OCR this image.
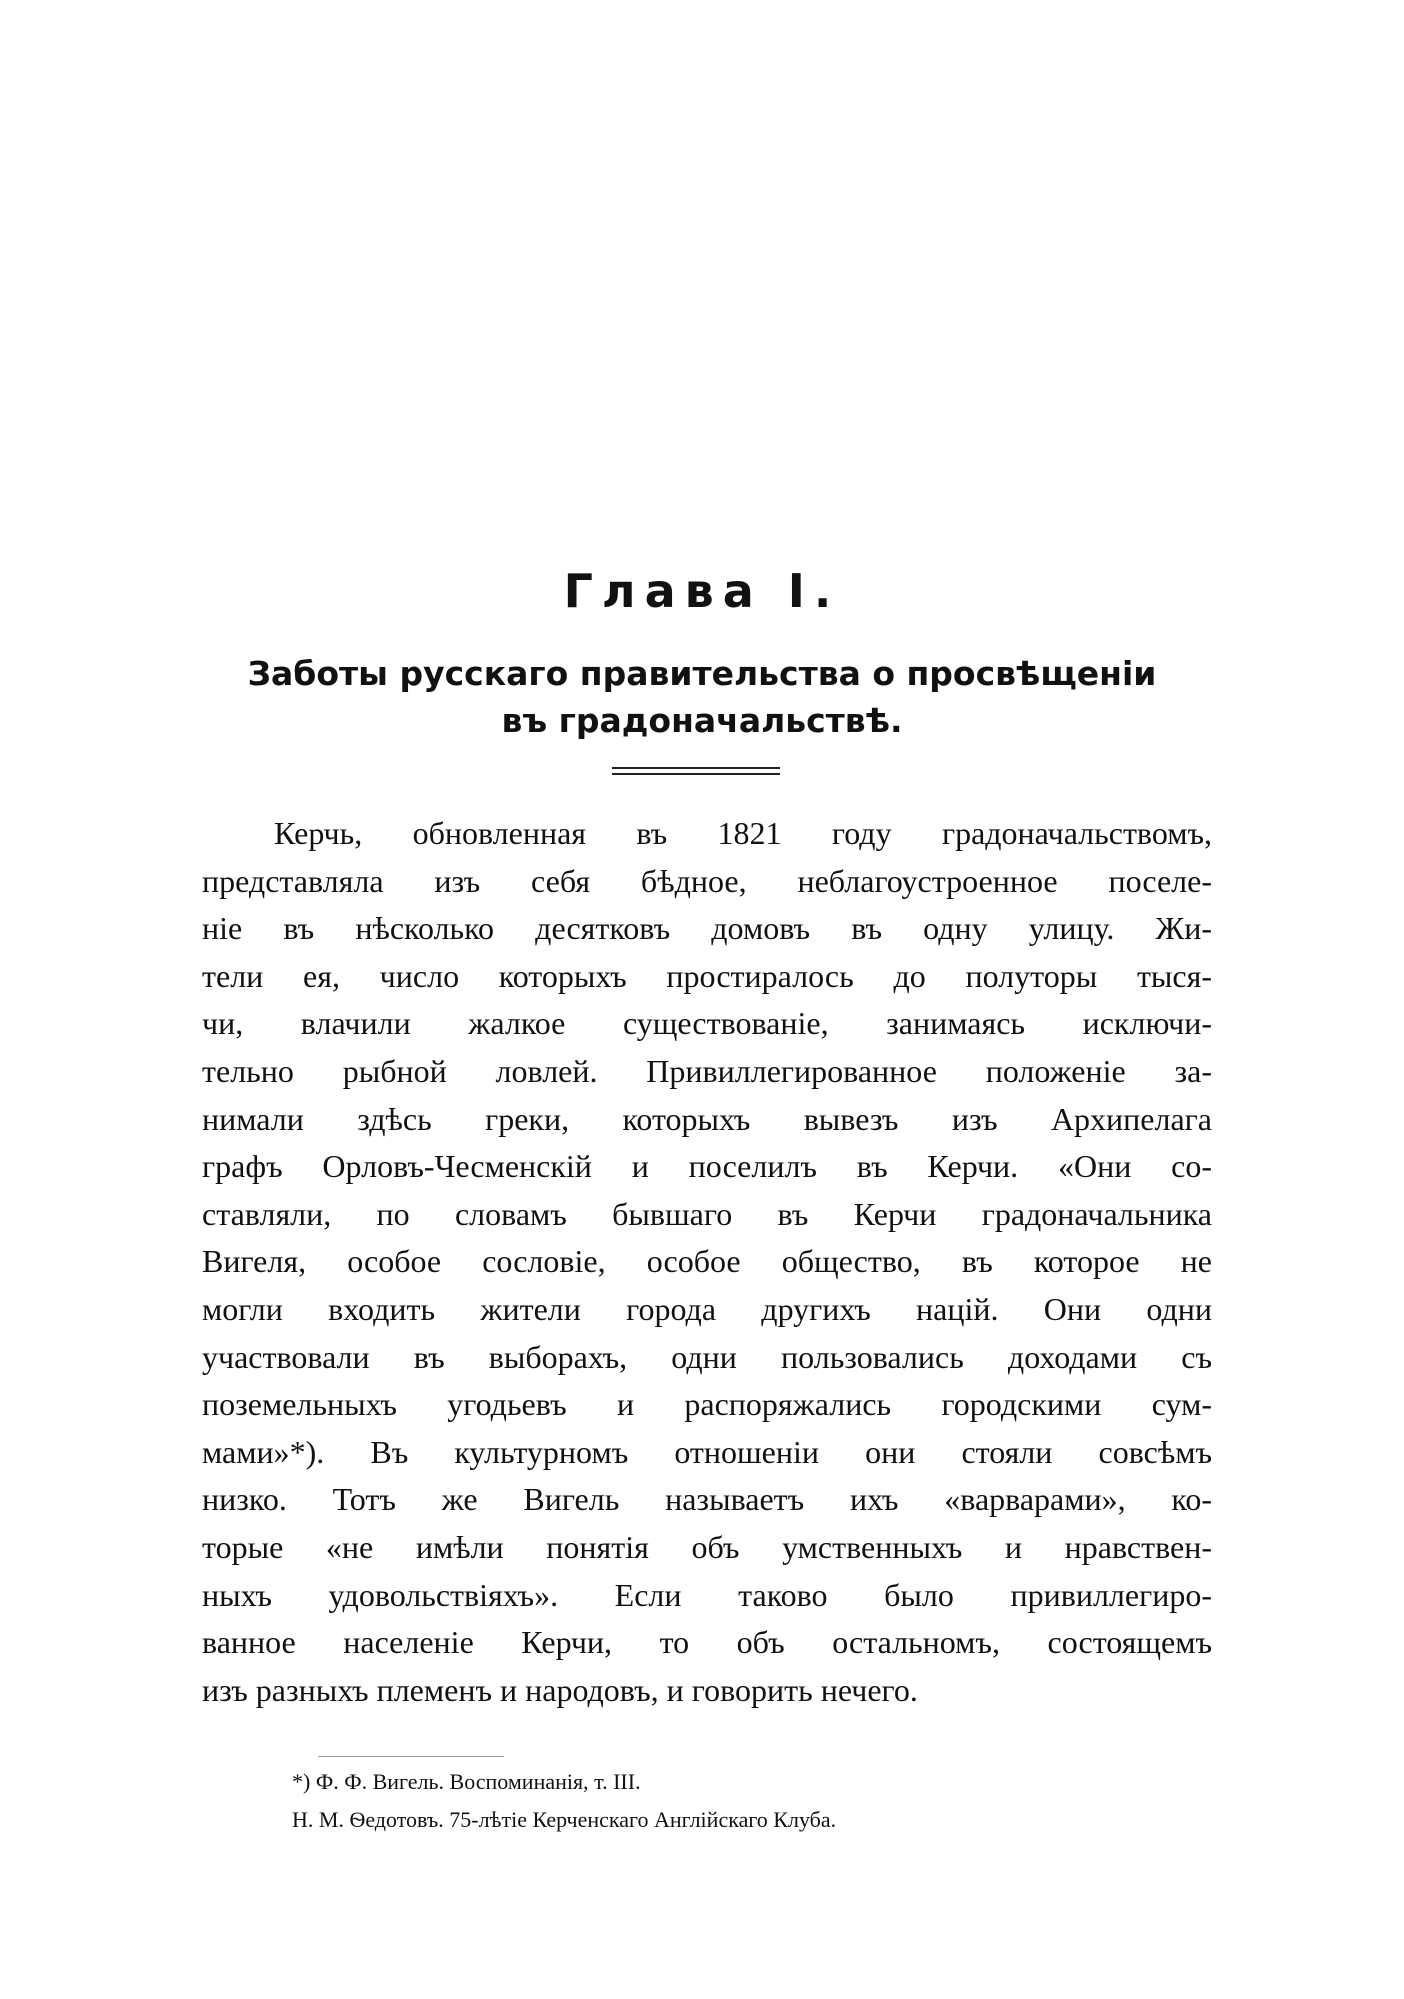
Глава I.
Заботы русскаго правительства о просвѣщенiи
въ градоначальствѣ.

Керчь, обновленная въ 1821 году градоначальствомъ,
представляла изъ себя бѣдное, неблагоустроенное поселе-
нiе въ нѣсколько десятковъ домовъ въ одну улицу. Жи-
тели ея, число которыхъ простиралось до полуторы тыся-
чи, влачили жалкое существованiе, занимаясь исключи-
тельно рыбной ловлей. Привиллегированное положенiе за-
нимали здѣсь греки, которыхъ вывезъ изъ Архипелага
графъ Орловъ-Чесменскiй и поселилъ въ Керчи. «Они со-
ставляли, по словамъ бывшаго въ Керчи градоначальника
Вигеля, особое сословiе, особое общество, въ которое не
могли входить жители города другихъ нацiй. Они одни
участвовали въ выборахъ, одни пользовались доходами съ
поземельныхъ угодьевъ и распоряжались городскими сум-
мами»*). Въ культурномъ отношенiи они стояли совсѣмъ
низко. Тотъ же Вигель называетъ ихъ «варварами», ко-
торые «не имѣли понятiя объ умственныхъ и нравствен-
ныхъ удовольствiяхъ». Если таково было привиллегиро-
ванное населенiе Керчи, то объ остальномъ, состоящемъ
изъ разныхъ племенъ и народовъ, и говорить нечего.

*) Ф. Ф. Вигель. Воспоминанiя, т. III.
Н. М. Ѳедотовъ. 75-лѣтiе Керченскаго Англiйскаго Клуба.
